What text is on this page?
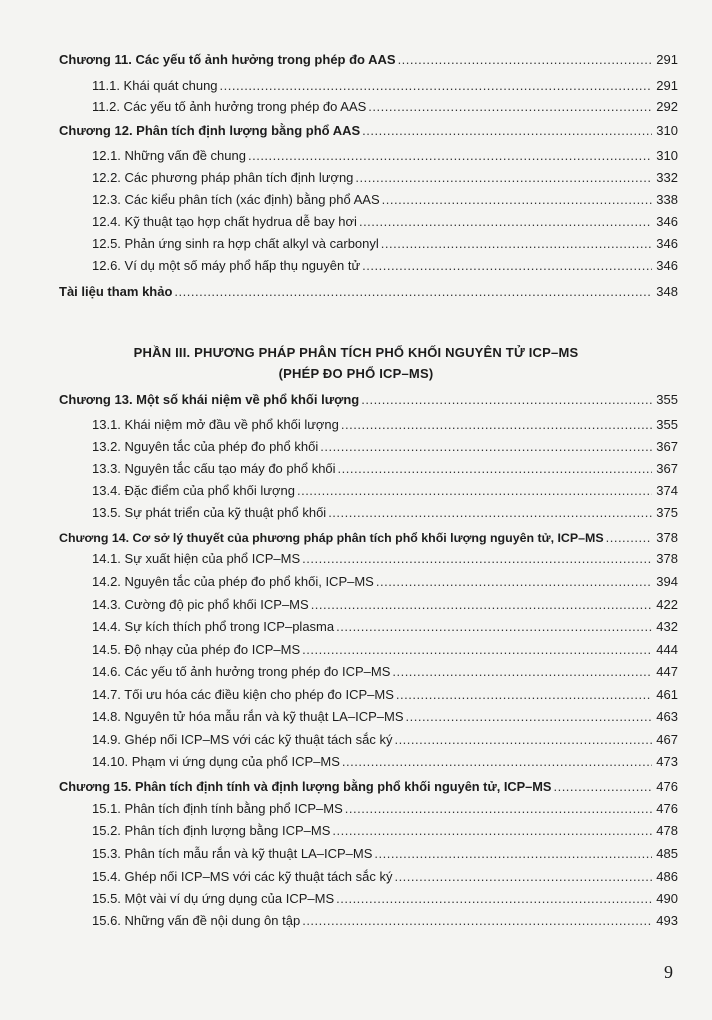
Chương 11. Các yếu tố ảnh hưởng trong phép đo AAS .....	291
11.1. Khái quát chung .....	291
11.2. Các yếu tố ảnh hưởng trong phép đo AAS .....	292
Chương 12. Phân tích định lượng bằng phổ AAS .....	310
12.1. Những vấn đề chung .....	310
12.2. Các phương pháp phân tích định lượng .....	332
12.3. Các kiểu phân tích (xác định) bằng phổ AAS .....	338
12.4. Kỹ thuật tạo hợp chất hydrua dễ bay hơi .....	346
12.5. Phản ứng sinh ra hợp chất alkyl và carbonyl .....	346
12.6. Ví dụ một số máy phổ hấp thụ nguyên tử .....	346
Tài liệu tham khảo .....	348
PHẦN III. PHƯƠNG PHÁP PHÂN TÍCH PHỔ KHỐI NGUYÊN TỬ ICP–MS
(PHÉP ĐO PHỔ ICP–MS)
Chương 13. Một số khái niệm về phổ khối lượng .....	355
13.1. Khái niệm mở đầu về phổ khối lượng .....	355
13.2. Nguyên tắc của phép đo phổ khối .....	367
13.3. Nguyên tắc cấu tạo máy đo phổ khối .....	367
13.4. Đặc điểm của phổ khối lượng .....	374
13.5. Sự phát triển của kỹ thuật phổ khối .....	375
Chương 14. Cơ sở lý thuyết của phương pháp phân tích phổ khối lượng nguyên tử, ICP–MS .....	378
14.1. Sự xuất hiện của phổ ICP–MS .....	378
14.2. Nguyên tắc của phép đo phổ khối, ICP–MS .....	394
14.3. Cường độ pic phổ khối ICP–MS .....	422
14.4. Sự kích thích phổ trong ICP–plasma .....	432
14.5. Độ nhạy của phép đo ICP–MS .....	444
14.6. Các yếu tố ảnh hưởng trong phép đo ICP–MS .....	447
14.7. Tối ưu hóa các điều kiện cho phép đo ICP–MS .....	461
14.8. Nguyên tử hóa mẫu rắn và kỹ thuật LA–ICP–MS .....	463
14.9. Ghép nối ICP–MS với các kỹ thuật tách sắc ký .....	467
14.10. Phạm vi ứng dụng của phổ ICP–MS .....	473
Chương 15. Phân tích định tính và định lượng bằng phổ khối nguyên tử, ICP–MS .....	476
15.1. Phân tích định tính bằng phổ ICP–MS .....	476
15.2. Phân tích định lượng bằng ICP–MS .....	478
15.3. Phân tích mẫu rắn và kỹ thuật LA–ICP–MS .....	485
15.4. Ghép nối ICP–MS với các kỹ thuật tách sắc ký .....	486
15.5. Một vài ví dụ ứng dụng của ICP–MS .....	490
15.6. Những vấn đề nội dung ôn tập .....	493
9
